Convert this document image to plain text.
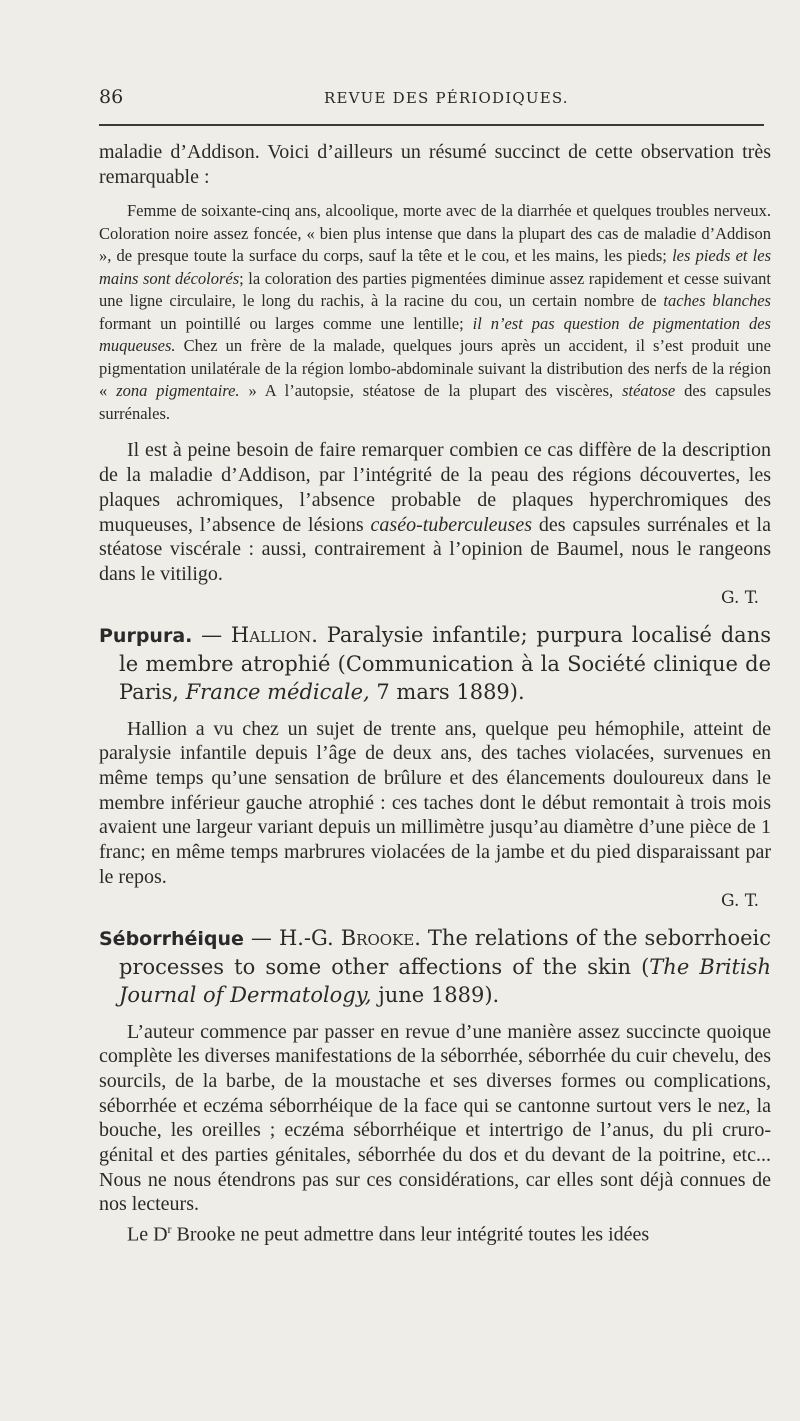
86	REVUE DES PÉRIODIQUES.

maladie d’Addison. Voici d’ailleurs un résumé succinct de cette observation très remarquable :

Femme de soixante-cinq ans, alcoolique, morte avec de la diarrhée et quelques troubles nerveux. Coloration noire assez foncée, « bien plus intense que dans la plupart des cas de maladie d’Addison », de presque toute la surface du corps, sauf la tête et le cou, et les mains, les pieds; les pieds et les mains sont décolorés; la coloration des parties pigmentées diminue assez rapidement et cesse suivant une ligne circulaire, le long du rachis, à la racine du cou, un certain nombre de taches blanches formant un pointillé ou larges comme une lentille; il n’est pas question de pigmentation des muqueuses. Chez un frère de la malade, quelques jours après un accident, il s’est produit une pigmentation unilatérale de la région lombo-abdominale suivant la distribution des nerfs de la région « zona pigmentaire. » A l’autopsie, stéatose de la plupart des viscères, stéatose des capsules surrénales.

Il est à peine besoin de faire remarquer combien ce cas diffère de la description de la maladie d’Addison, par l’intégrité de la peau des régions découvertes, les plaques achromiques, l’absence probable de plaques hyperchromiques des muqueuses, l’absence de lésions caséo-tuberculeuses des capsules surrénales et la stéatose viscérale : aussi, contrairement à l’opinion de Baumel, nous le rangeons dans le vitiligo.

G. T.

Purpura. — Hallion. Paralysie infantile; purpura localisé dans le membre atrophié (Communication à la Société clinique de Paris, France médicale, 7 mars 1889).

Hallion a vu chez un sujet de trente ans, quelque peu hémophile, atteint de paralysie infantile depuis l’âge de deux ans, des taches violacées, survenues en même temps qu’une sensation de brûlure et des élancements douloureux dans le membre inférieur gauche atrophié : ces taches dont le début remontait à trois mois avaient une largeur variant depuis un millimètre jusqu’au diamètre d’une pièce de 1 franc; en même temps marbrures violacées de la jambe et du pied disparaissant par le repos.

G. T.

Séborrhéique — H.-G. Brooke. The relations of the seborrhoeic processes to some other affections of the skin (The British Journal of Dermatology, june 1889).

L’auteur commence par passer en revue d’une manière assez succincte quoique complète les diverses manifestations de la séborrhée, séborrhée du cuir chevelu, des sourcils, de la barbe, de la moustache et ses diverses formes ou complications, séborrhée et eczéma séborrhéique de la face qui se cantonne surtout vers le nez, la bouche, les oreilles ; eczéma séborrhéique et intertrigo de l’anus, du pli cruro-génital et des parties génitales, séborrhée du dos et du devant de la poitrine, etc... Nous ne nous étendrons pas sur ces considérations, car elles sont déjà connues de nos lecteurs.

Le $D^r$ Brooke ne peut admettre dans leur intégrité toutes les idées
